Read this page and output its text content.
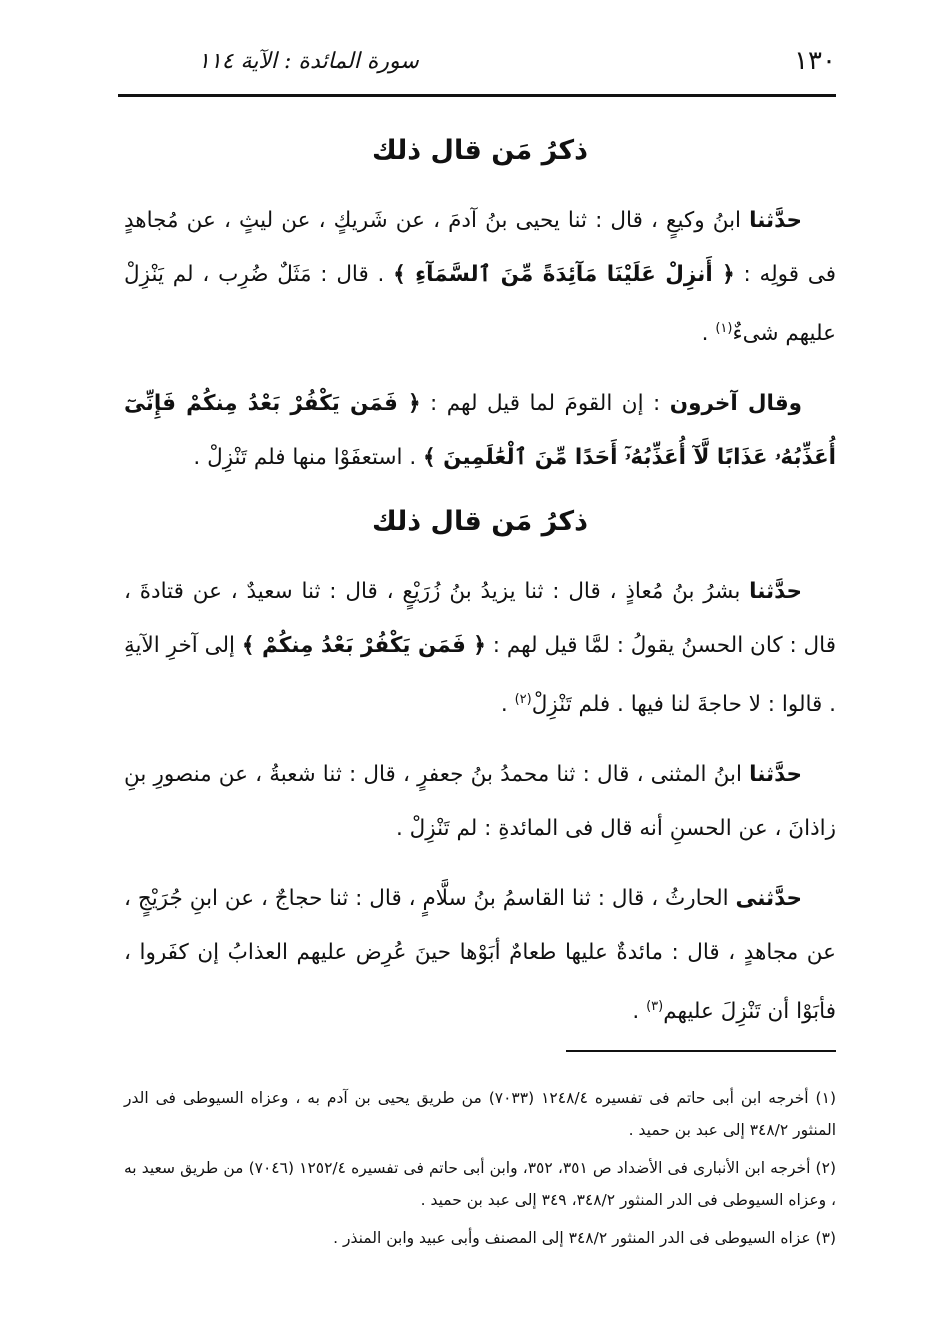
١٣٠
سورة المائدة : الآية ١١٤
ذكرُ مَن قال ذلك

حدَّثنا ابنُ وكيعٍ ، قال : ثنا يحيى بنُ آدمَ ، عن شَريكٍ ، عن ليثٍ ، عن مُجاهدٍ فى قولِه : ﴿ أَنزِلْ عَلَيْنَا مَآئِدَةً مِّنَ ٱلسَّمَآءِ ﴾ . قال : مَثَلٌ ضُرِب ، لم يَنْزِلْ عليهم شىءٌ$^{(١)}$ .

وقال آخرون : إن القومَ لما قيل لهم : ﴿ فَمَن يَكْفُرْ بَعْدُ مِنكُمْ فَإِنِّىٓ أُعَذِّبُهُۥ عَذَابًا لَّآ أُعَذِّبُهُۥٓ أَحَدًا مِّنَ ٱلْعَٰلَمِينَ ﴾ . استعفَوْا منها فلم تَنْزِلْ .

ذكرُ مَن قال ذلك

حدَّثنا بشرُ بنُ مُعاذٍ ، قال : ثنا يزيدُ بنُ زُرَيْعٍ ، قال : ثنا سعيدٌ ، عن قتادةَ ، قال : كان الحسنُ يقولُ : لمَّا قيل لهم : ﴿ فَمَن يَكْفُرْ بَعْدُ مِنكُمْ ﴾ إلى آخرِ الآيةِ . قالوا : لا حاجةَ لنا فيها . فلم تَنْزِلْ$^{(٢)}$ .

حدَّثنا ابنُ المثنى ، قال : ثنا محمدُ بنُ جعفرٍ ، قال : ثنا شعبةُ ، عن منصورِ بنِ زاذانَ ، عن الحسنِ أنه قال فى المائدةِ : لم تَنْزِلْ .

حدَّثنى الحارثُ ، قال : ثنا القاسمُ بنُ سلَّامٍ ، قال : ثنا حجاجٌ ، عن ابنِ جُرَيْجٍ ، عن مجاهدٍ ، قال : مائدةٌ عليها طعامٌ أبَوْها حينَ عُرِض عليهم العذابُ إن كفَروا ، فأبَوْا أن تَنْزِلَ عليهم$^{(٣)}$ .

(١) أخرجه ابن أبى حاتم فى تفسيره ١٢٤٨/٤ (٧٠٣٣) من طريق يحيى بن آدم به ، وعزاه السيوطى فى الدر المنثور ٣٤٨/٢ إلى عبد بن حميد .

(٢) أخرجه ابن الأنبارى فى الأضداد ص ٣٥١، ٣٥٢، وابن أبى حاتم فى تفسيره ١٢٥٢/٤ (٧٠٤٦) من طريق سعيد به ، وعزاه السيوطى فى الدر المنثور ٣٤٨/٢، ٣٤٩ إلى عبد بن حميد .

(٣) عزاه السيوطى فى الدر المنثور ٣٤٨/٢ إلى المصنف وأبى عبيد وابن المنذر .
